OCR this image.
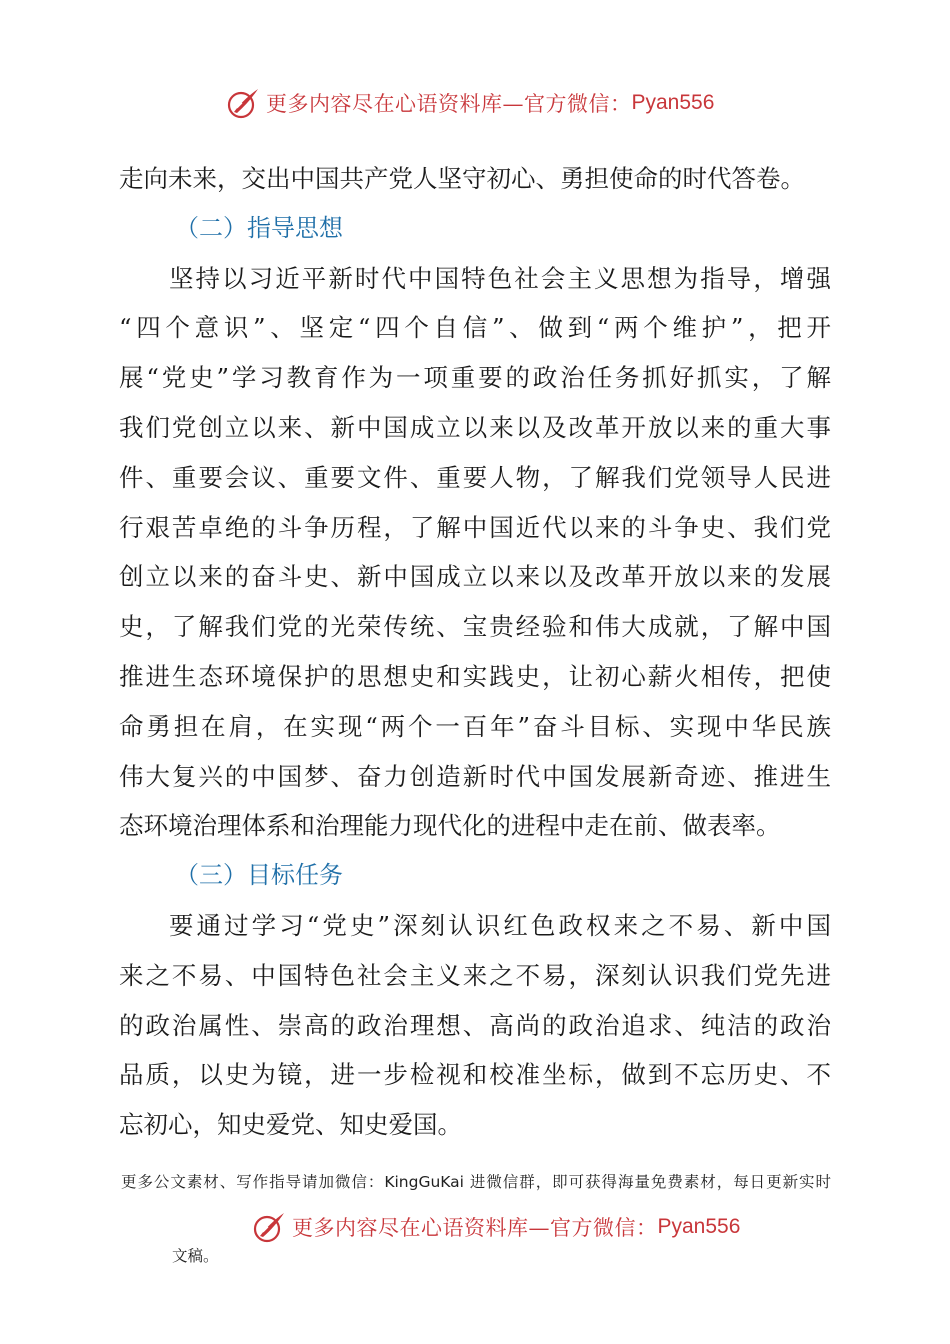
更多内容尽在心语资料库—官方微信： Pyan556
走向未来，交出中国共产党人坚守初心、勇担使命的时代答卷。
（二）指导思想
坚持以习近平新时代中国特色社会主义思想为指导，增强
“四个意识”、坚定“四个自信”、做到“两个维护”，把开
展“党史”学习教育作为一项重要的政治任务抓好抓实，了解
我们党创立以来、新中国成立以来以及改革开放以来的重大事
件、重要会议、重要文件、重要人物，了解我们党领导人民进
行艰苦卓绝的斗争历程，了解中国近代以来的斗争史、我们党
创立以来的奋斗史、新中国成立以来以及改革开放以来的发展
史，了解我们党的光荣传统、宝贵经验和伟大成就，了解中国
推进生态环境保护的思想史和实践史，让初心薪火相传，把使
命勇担在肩，在实现“两个一百年”奋斗目标、实现中华民族
伟大复兴的中国梦、奋力创造新时代中国发展新奇迹、推进生
态环境治理体系和治理能力现代化的进程中走在前、做表率。
（三）目标任务
要通过学习“党史”深刻认识红色政权来之不易、新中国
来之不易、中国特色社会主义来之不易，深刻认识我们党先进
的政治属性、崇高的政治理想、高尚的政治追求、纯洁的政治
品质，以史为镜，进一步检视和校准坐标，做到不忘历史、不
忘初心，知史爱党、知史爱国。
更多公文素材、写作指导请加微信：KingGuKai 进微信群，即可获得海量免费素材，每日更新实时
更多内容尽在心语资料库—官方微信： Pyan556
文稿。
